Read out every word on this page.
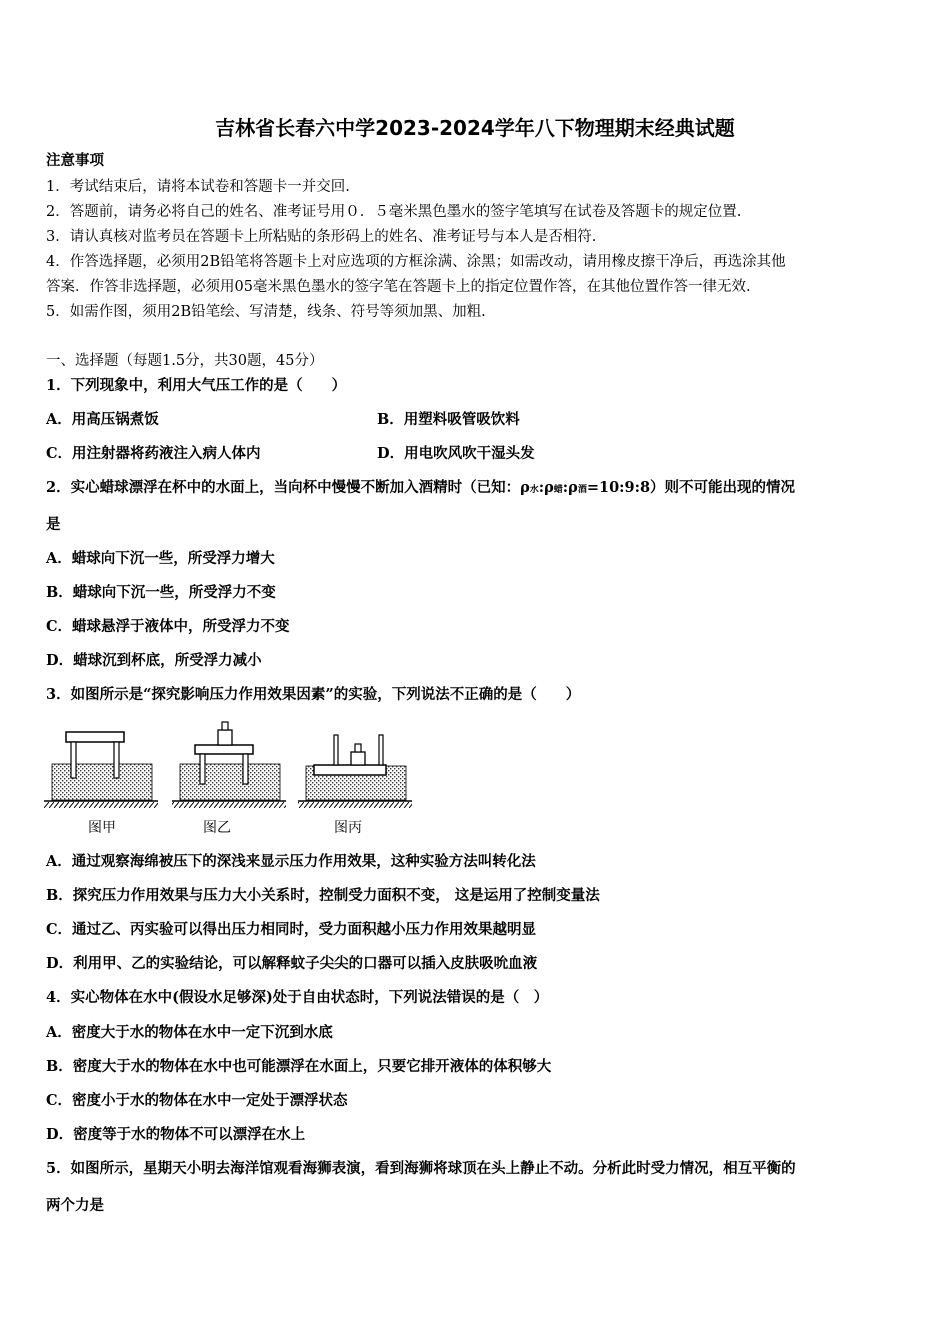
吉林省长春六中学2023-2024学年八下物理期末经典试题
注意事项
1．考试结束后，请将本试卷和答题卡一并交回.
2．答题前，请务必将自己的姓名、准考证号用０．５毫米黑色墨水的签字笔填写在试卷及答题卡的规定位置.
3．请认真核对监考员在答题卡上所粘贴的条形码上的姓名、准考证号与本人是否相符.
4．作答选择题，必须用2B铅笔将答题卡上对应选项的方框涂满、涂黑；如需改动，请用橡皮擦干净后，再选涂其他
答案．作答非选择题，必须用05毫米黑色墨水的签字笔在答题卡上的指定位置作答，在其他位置作答一律无效.
5．如需作图，须用2B铅笔绘、写清楚，线条、符号等须加黑、加粗.
一、选择题（每题1.5分，共30题，45分）
1．下列现象中，利用大气压工作的是（　　）
A．用高压锅煮饭	B．用塑料吸管吸饮料
C．用注射器将药液注入病人体内	D．用电吹风吹干湿头发
2．实心蜡球漂浮在杯中的水面上，当向杯中慢慢不断加入酒精时（已知：ρ水:ρ蜡:ρ酒=10:9:8）则不可能出现的情况
是
A．蜡球向下沉一些，所受浮力增大
B．蜡球向下沉一些，所受浮力不变
C．蜡球悬浮于液体中，所受浮力不变
D．蜡球沉到杯底，所受浮力减小
3．如图所示是“探究影响压力作用效果因素”的实验，下列说法不正确的是（　　）
图甲	图乙	图丙
A．通过观察海绵被压下的深浅来显示压力作用效果，这种实验方法叫转化法
B．探究压力作用效果与压力大小关系时，控制受力面积不变， 这是运用了控制变量法
C．通过乙、丙实验可以得出压力相同时，受力面积越小压力作用效果越明显
D．利用甲、乙的实验结论，可以解释蚊子尖尖的口器可以插入皮肤吸吮血液
4．实心物体在水中(假设水足够深)处于自由状态时，下列说法错误的是（　）
A．密度大于水的物体在水中一定下沉到水底
B．密度大于水的物体在水中也可能漂浮在水面上，只要它排开液体的体积够大
C．密度小于水的物体在水中一定处于漂浮状态
D．密度等于水的物体不可以漂浮在水上
5．如图所示，星期天小明去海洋馆观看海狮表演，看到海狮将球顶在头上静止不动。分析此时受力情况，相互平衡的
两个力是
